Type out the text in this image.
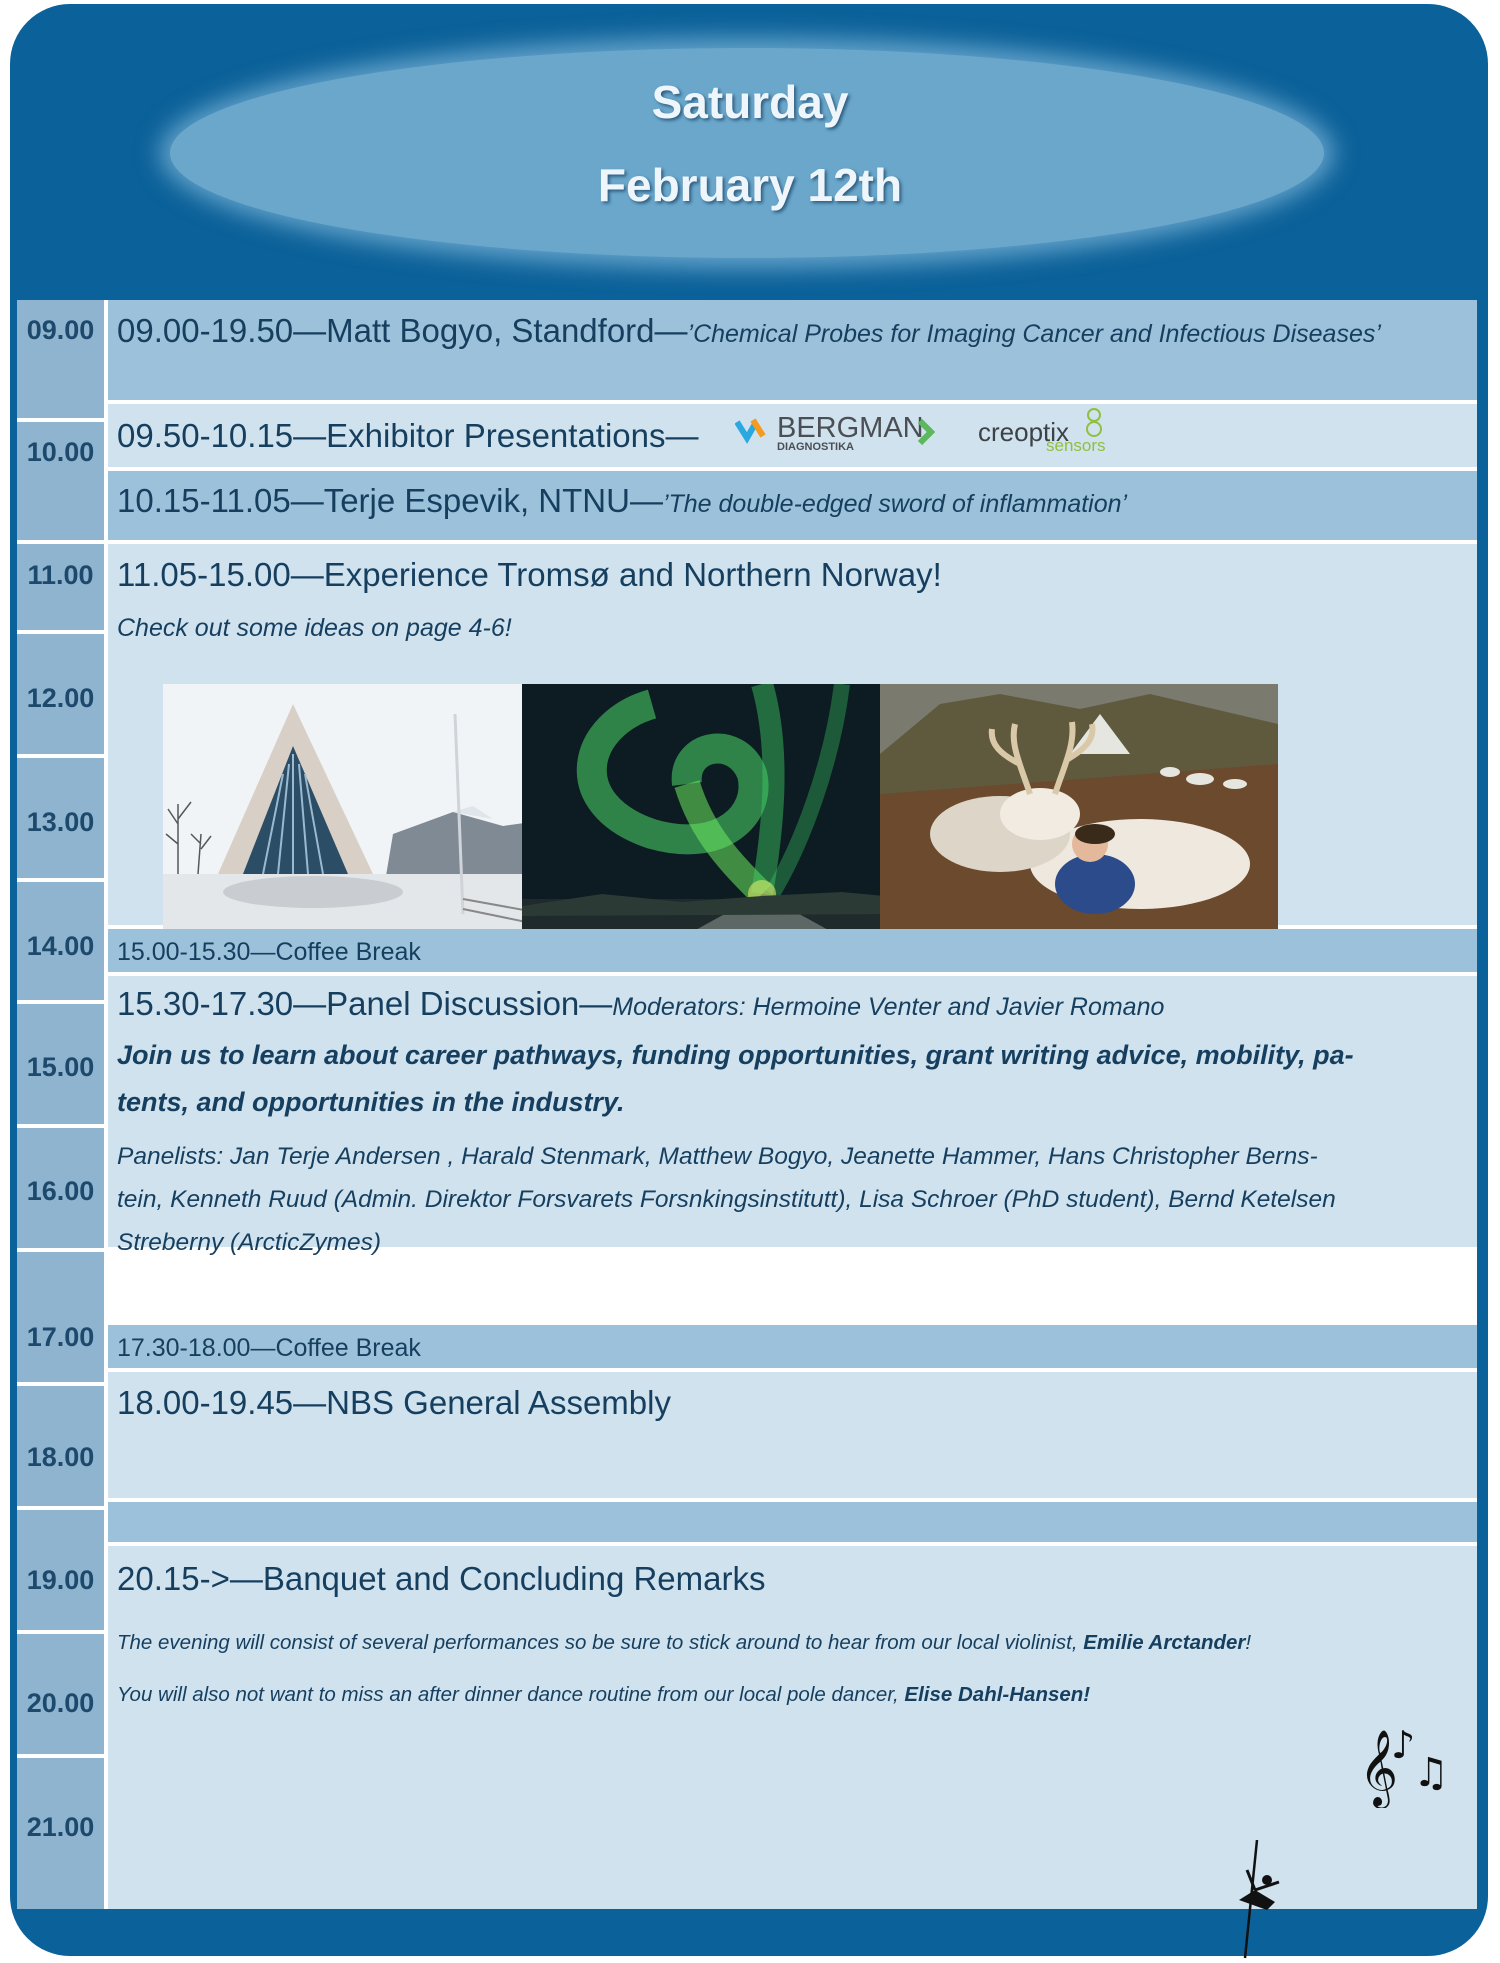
Saturday
February 12th
09.00
10.00
11.00
12.00
13.00
14.00
15.00
16.00
17.00
18.00
19.00
20.00
21.00
09.00-19.50—Matt Bogyo, Standford—’Chemical Probes for Imaging Cancer and Infectious Diseases’
09.50-10.15—Exhibitor Presentations—	BERGMAN
DIAGNOSTIKA	creoptix
sensors
10.15-11.05—Terje Espevik, NTNU—’The double-edged sword of inflammation’
11.05-15.00—Experience Tromsø and Northern Norway!
Check out some ideas on page 4-6!
15.00-15.30—Coffee Break
15.30-17.30—Panel Discussion—Moderators: Hermoine Venter and Javier Romano
Join us to learn about career pathways, funding opportunities, grant writing advice, mobility, pa-
tents, and opportunities in the industry.
Panelists: Jan Terje Andersen , Harald Stenmark, Matthew Bogyo, Jeanette Hammer, Hans Christopher Berns-
tein, Kenneth Ruud (Admin. Direktor Forsvarets Forsnkingsinstitutt), Lisa Schroer (PhD student), Bernd Ketelsen
Streberny (ArcticZymes)
17.30-18.00—Coffee Break
18.00-19.45—NBS General Assembly
20.15->—Banquet and Concluding Remarks
The evening will consist of several performances so be sure to stick around to hear from our local violinist, Emilie Arctander!
You will also not want to miss an after dinner dance routine from our local pole dancer, Elise Dahl-Hansen!
𝄞
♪
♫
